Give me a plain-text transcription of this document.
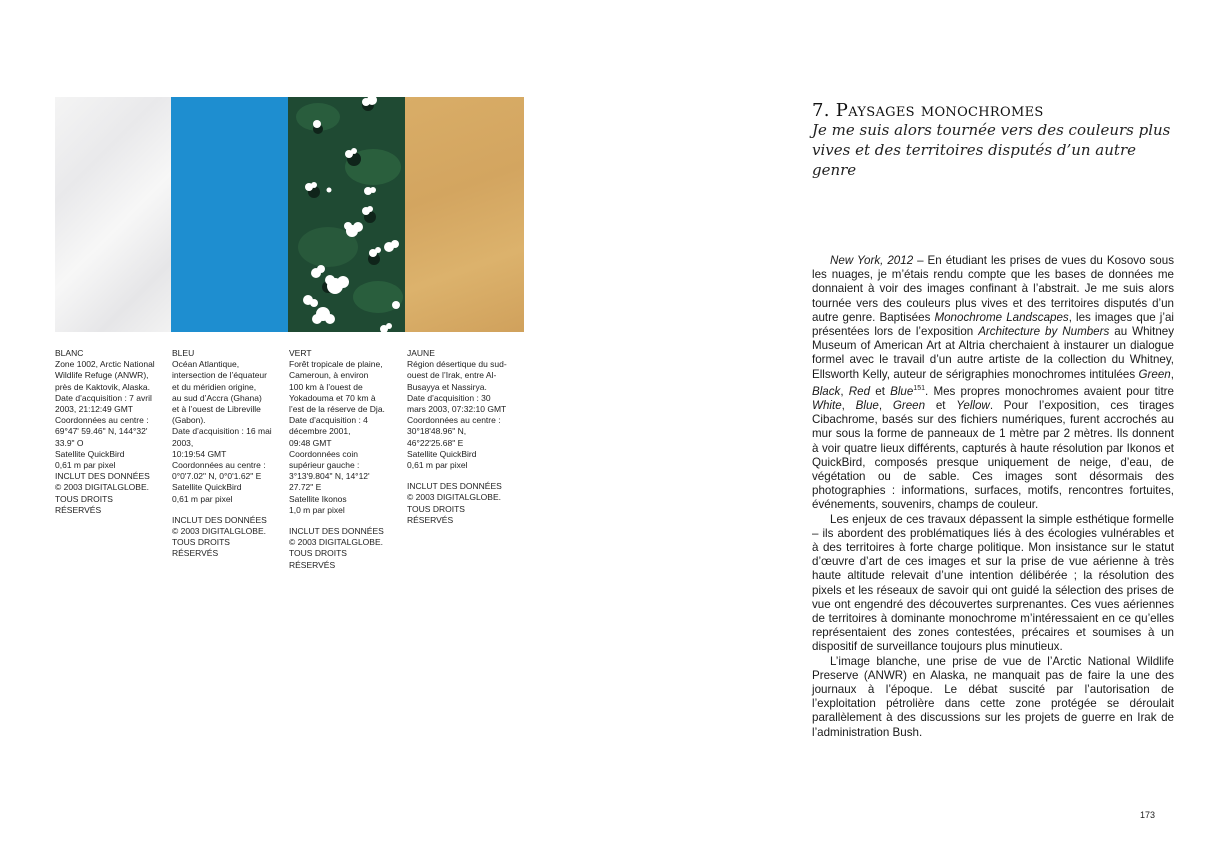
BLANC
Zone 1002, Arctic National
Wildlife Refuge (ANWR),
près de Kaktovik, Alaska.
Date d’acquisition : 7 avril
2003, 21:12:49 GMT
Coordonnées au centre :
69°47' 59.46" N, 144°32'
33.9" O
Satellite QuickBird
0,61 m par pixel
INCLUT DES DONNÉES
© 2003 DIGITALGLOBE.
TOUS DROITS
RÉSERVÉS
BLEU
Océan Atlantique,
intersection de l’équateur
et du méridien origine,
au sud d’Accra (Ghana)
et à l’ouest de Libreville
(Gabon).
Date d’acquisition : 16 mai
2003,
10:19:54 GMT
Coordonnées au centre :
0°0'7.02" N, 0°0'1.62" E
Satellite QuickBird
0,61 m par pixel
INCLUT DES DONNÉES
© 2003 DIGITALGLOBE.
TOUS DROITS
RÉSERVÉS
VERT
Forêt tropicale de plaine,
Cameroun, à environ
100 km à l’ouest de
Yokadouma et 70 km à
l’est de la réserve de Dja.
Date d’acquisition : 4
décembre 2001,
09:48 GMT
Coordonnées coin
supérieur gauche :
3°13'9.804" N, 14°12'
27.72" E
Satellite Ikonos
1,0 m par pixel
INCLUT DES DONNÉES
© 2003 DIGITALGLOBE.
TOUS DROITS
RÉSERVÉS
JAUNE
Région désertique du sud-
ouest de l’Irak, entre Al-
Busayya et Nassirya.
Date d’acquisition : 30
mars 2003, 07:32:10 GMT
Coordonnées au centre :
30°18'48.96" N,
46°22'25.68" E
Satellite QuickBird
0,61 m par pixel
INCLUT DES DONNÉES
© 2003 DIGITALGLOBE.
TOUS DROITS
RÉSERVÉS
7. Paysages monochromes
Je me suis alors tournée vers des couleurs plus vives et des territoires disputés d’un autre genre

New York, 2012 – En étudiant les prises de vues du Kosovo sous les nuages, je m’étais rendu compte que les bases de données me donnaient à voir des images confinant à l’abstrait. Je me suis alors tournée vers des couleurs plus vives et des territoires disputés d’un autre genre. Baptisées Monochrome Landscapes, les images que j’ai présentées lors de l’exposition Architecture by Numbers au Whitney Museum of American Art at Altria cherchaient à instaurer un dialogue formel avec le travail d’un autre artiste de la collection du Whitney, Ellsworth Kelly, auteur de sérigraphies monochromes intitulées Green, Black, Red et Blue$^{151}$. Mes propres monochromes avaient pour titre White, Blue, Green et Yellow. Pour l’exposition, ces tirages Cibachrome, basés sur des fichiers numériques, furent accrochés au mur sous la forme de panneaux de 1 mètre par 2 mètres. Ils donnent à voir quatre lieux différents, capturés à haute résolution par Ikonos et QuickBird, composés presque uniquement de neige, d’eau, de végétation ou de sable. Ces images sont désormais des photographies : informations, surfaces, motifs, rencontres fortuites, événements, souvenirs, champs de couleur.

Les enjeux de ces travaux dépassent la simple esthétique formelle – ils abordent des problématiques liés à des écologies vulnérables et à des territoires à forte charge politique. Mon insistance sur le statut d’œuvre d’art de ces images et sur la prise de vue aérienne à très haute altitude relevait d’une intention délibérée ; la résolution des pixels et les réseaux de savoir qui ont guidé la sélection des prises de vue ont engendré des découvertes surprenantes. Ces vues aériennes de territoires à dominante monochrome m’intéressaient en ce qu’elles représentaient des zones contestées, précaires et soumises à un dispositif de surveillance toujours plus minutieux.

L’image blanche, une prise de vue de l’Arctic National Wildlife Preserve (ANWR) en Alaska, ne manquait pas de faire la une des journaux à l’époque. Le débat suscité par l’autorisation de l’exploitation pétrolière dans cette zone protégée se déroulait parallèlement à des discussions sur les projets de guerre en Irak de l’administration Bush.

173
